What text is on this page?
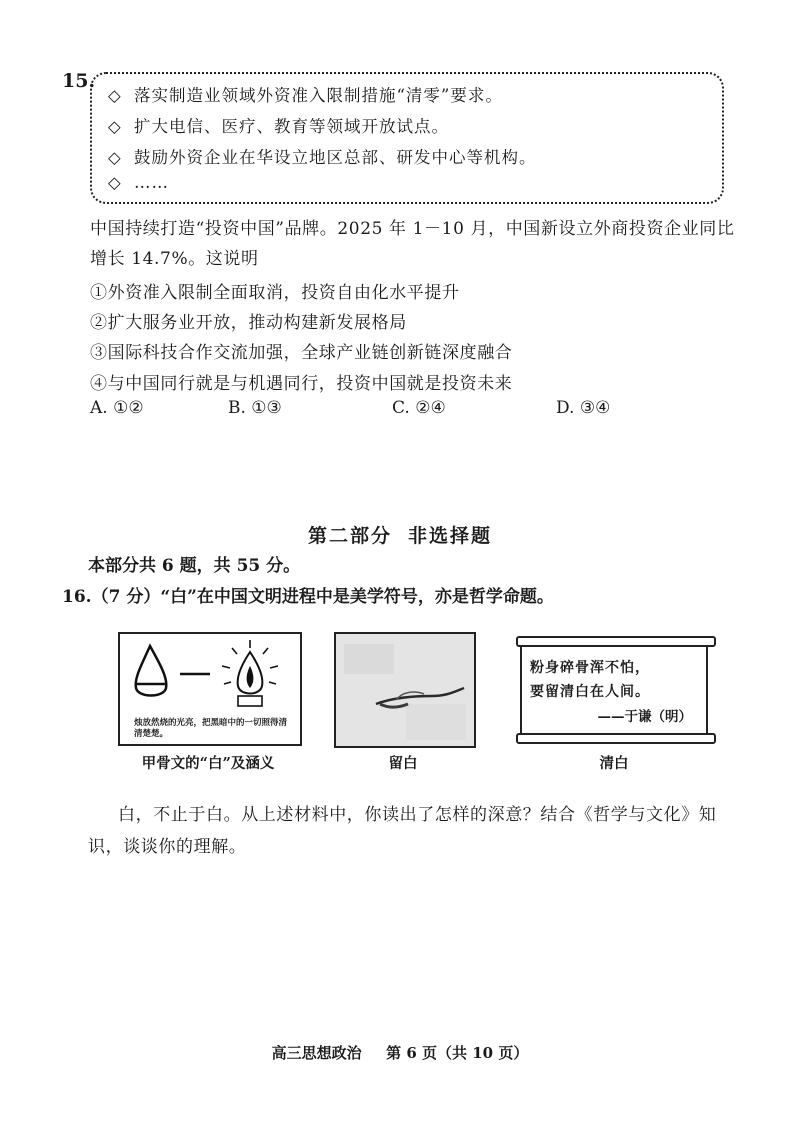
15.
◇ 落实制造业领域外资准入限制措施“清零”要求。
◇ 扩大电信、医疗、教育等领域开放试点。
◇ 鼓励外资企业在华设立地区总部、研发中心等机构。
◇ ……
中国持续打造“投资中国”品牌。2025 年 1－10 月，中国新设立外商投资企业同比
增长 14.7%。这说明
①外资准入限制全面取消，投资自由化水平提升
②扩大服务业开放，推动构建新发展格局
③国际科技合作交流加强，全球产业链创新链深度融合
④与中国同行就是与机遇同行，投资中国就是投资未来
A. ①②	B. ①③	C. ②④	D. ③④
第二部分 非选择题
本部分共 6 题，共 55 分。
16.（7 分）“白”在中国文明进程中是美学符号，亦是哲学命题。
烛放然烧的光亮，把黑暗中的一切照得清清楚楚。
甲骨文的“白”及涵义	留白
粉身碎骨浑不怕，
要留清白在人间。
——于谦（明）
清白
白，不止于白。从上述材料中，你读出了怎样的深意？结合《哲学与文化》知
识，谈谈你的理解。
高三思想政治 第 6 页（共 10 页）
